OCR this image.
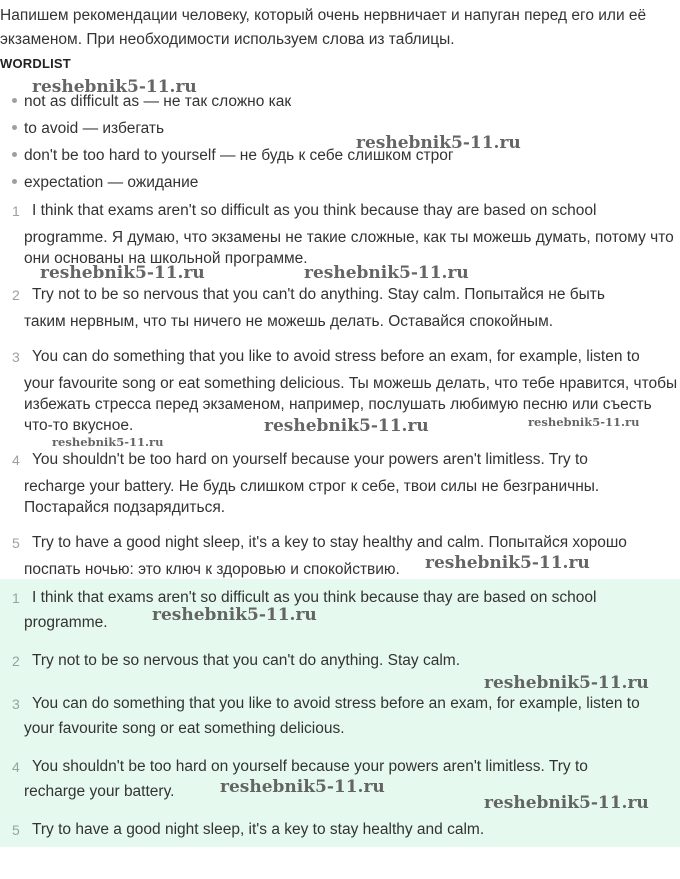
Напишем рекомендации человеку, который очень нервничает и напуган перед его или её экзаменом. При необходимости используем слова из таблицы.

WORDLIST
not as difficult as — не так сложно как
to avoid — избегать
don't be too hard to yourself — не будь к себе слишком строг
expectation — ожидание
1 I think that exams aren't so difficult as you think because thay are based on school
programme. Я думаю, что экзамены не такие сложные, как ты можешь думать, потому что они основаны на школьной программе.
2 Try not to be so nervous that you can't do anything. Stay calm. Попытайся не быть
таким нервным, что ты ничего не можешь делать. Оставайся спокойным.
3 You can do something that you like to avoid stress before an exam, for example, listen to
your favourite song or eat something delicious. Ты можешь делать, что тебе нравится, чтобы избежать стресса перед экзаменом, например, послушать любимую песню или съесть что-то вкусное.
4 You shouldn't be too hard on yourself because your powers aren't limitless. Try to
recharge your battery. Не будь слишком строг к себе, твои силы не безграничны. Постарайся подзарядиться.
5 Try to have a good night sleep, it's a key to stay healthy and calm. Попытайся хорошо
поспать ночью: это ключ к здоровью и спокойствию.
1 I think that exams aren't so difficult as you think because thay are based on school
programme.
2 Try not to be so nervous that you can't do anything. Stay calm.
3 You can do something that you like to avoid stress before an exam, for example, listen to
your favourite song or eat something delicious.
4 You shouldn't be too hard on yourself because your powers aren't limitless. Try to
recharge your battery.
5 Try to have a good night sleep, it's a key to stay healthy and calm.
reshebnik5-11.ru
reshebnik5-11.ru
reshebnik5-11.ru	reshebnik5-11.ru
reshebnik5-11.ru	reshebnik5-11.ru
reshebnik5-11.ru
reshebnik5-11.ru
reshebnik5-11.ru
reshebnik5-11.ru
reshebnik5-11.ru
reshebnik5-11.ru
